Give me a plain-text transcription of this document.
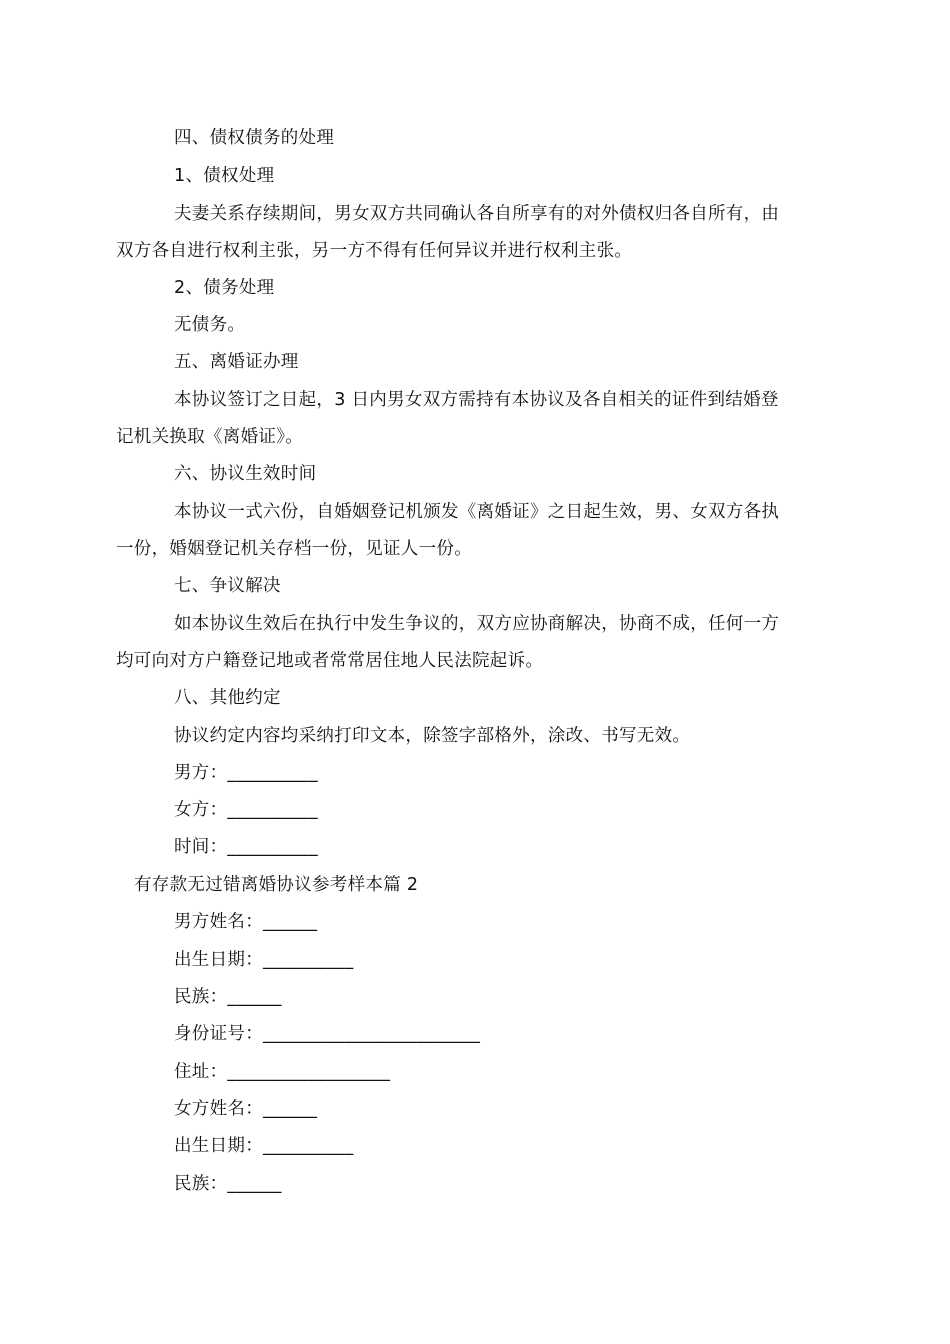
四、债权债务的处理
1、债权处理
夫妻关系存续期间，男女双方共同确认各自所享有的对外债权归各自所有，由
双方各自进行权利主张，另一方不得有任何异议并进行权利主张。
2、债务处理
无债务。
五、离婚证办理
本协议签订之日起，3 日内男女双方需持有本协议及各自相关的证件到结婚登
记机关换取《离婚证》。
六、协议生效时间
本协议一式六份，自婚姻登记机颁发《离婚证》之日起生效，男、女双方各执
一份，婚姻登记机关存档一份，见证人一份。
七、争议解决
如本协议生效后在执行中发生争议的，双方应协商解决，协商不成，任何一方
均可向对方户籍登记地或者常常居住地人民法院起诉。
八、其他约定
协议约定内容均采纳打印文本，除签字部格外，涂改、书写无效。
男方：__________
女方：__________
时间：__________
有存款无过错离婚协议参考样本篇 2
男方姓名：______
出生日期：__________
民族：______
身份证号：________________________
住址：__________________
女方姓名：______
出生日期：__________
民族：______
